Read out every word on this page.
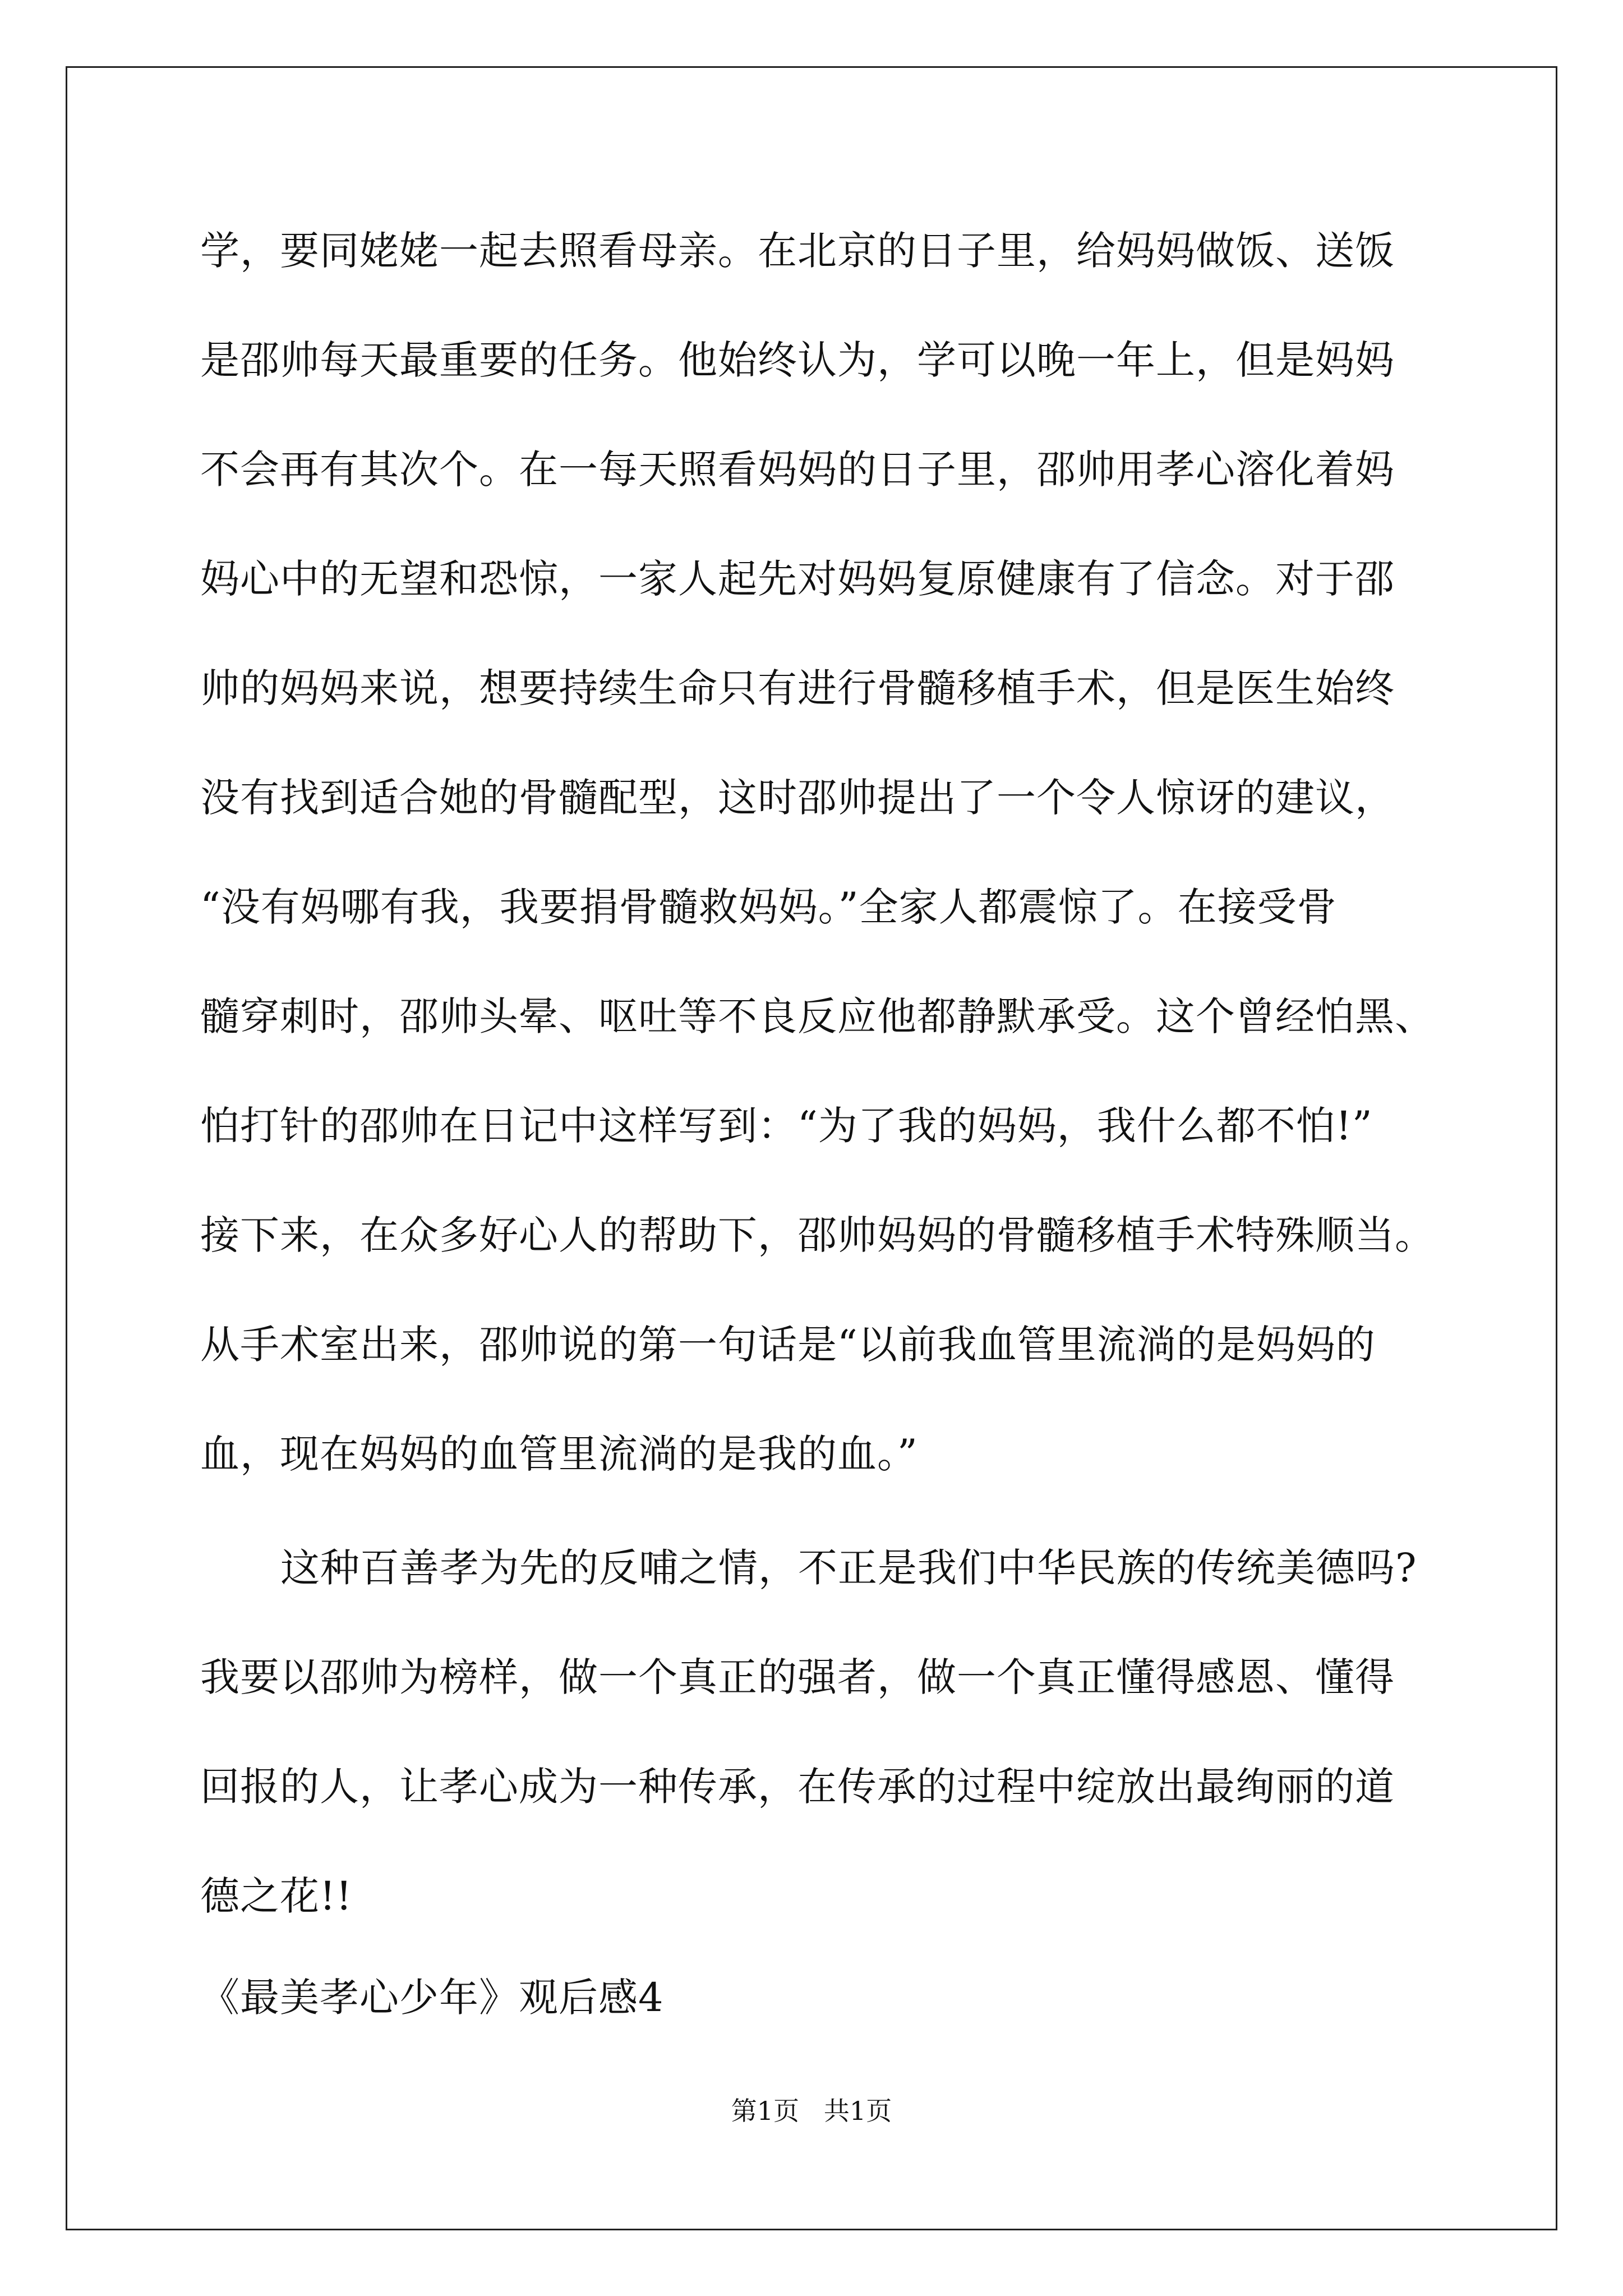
学，要同姥姥一起去照看母亲。在北京的日子里，给妈妈做饭、送饭
是邵帅每天最重要的任务。他始终认为，学可以晚一年上，但是妈妈
不会再有其次个。在一每天照看妈妈的日子里，邵帅用孝心溶化着妈
妈心中的无望和恐惊，一家人起先对妈妈复原健康有了信念。对于邵
帅的妈妈来说，想要持续生命只有进行骨髓移植手术，但是医生始终
没有找到适合她的骨髓配型，这时邵帅提出了一个令人惊讶的建议，
“没有妈哪有我，我要捐骨髓救妈妈。”全家人都震惊了。在接受骨
髓穿刺时，邵帅头晕、呕吐等不良反应他都静默承受。这个曾经怕黑、
怕打针的邵帅在日记中这样写到：“为了我的妈妈，我什么都不怕!”
接下来，在众多好心人的帮助下，邵帅妈妈的骨髓移植手术特殊顺当。
从手术室出来，邵帅说的第一句话是“以前我血管里流淌的是妈妈的
血，现在妈妈的血管里流淌的是我的血。”
这种百善孝为先的反哺之情，不正是我们中华民族的传统美德吗?
我要以邵帅为榜样，做一个真正的强者，做一个真正懂得感恩、懂得
回报的人，让孝心成为一种传承，在传承的过程中绽放出最绚丽的道
德之花!!
《最美孝心少年》观后感4
第1页   共1页
